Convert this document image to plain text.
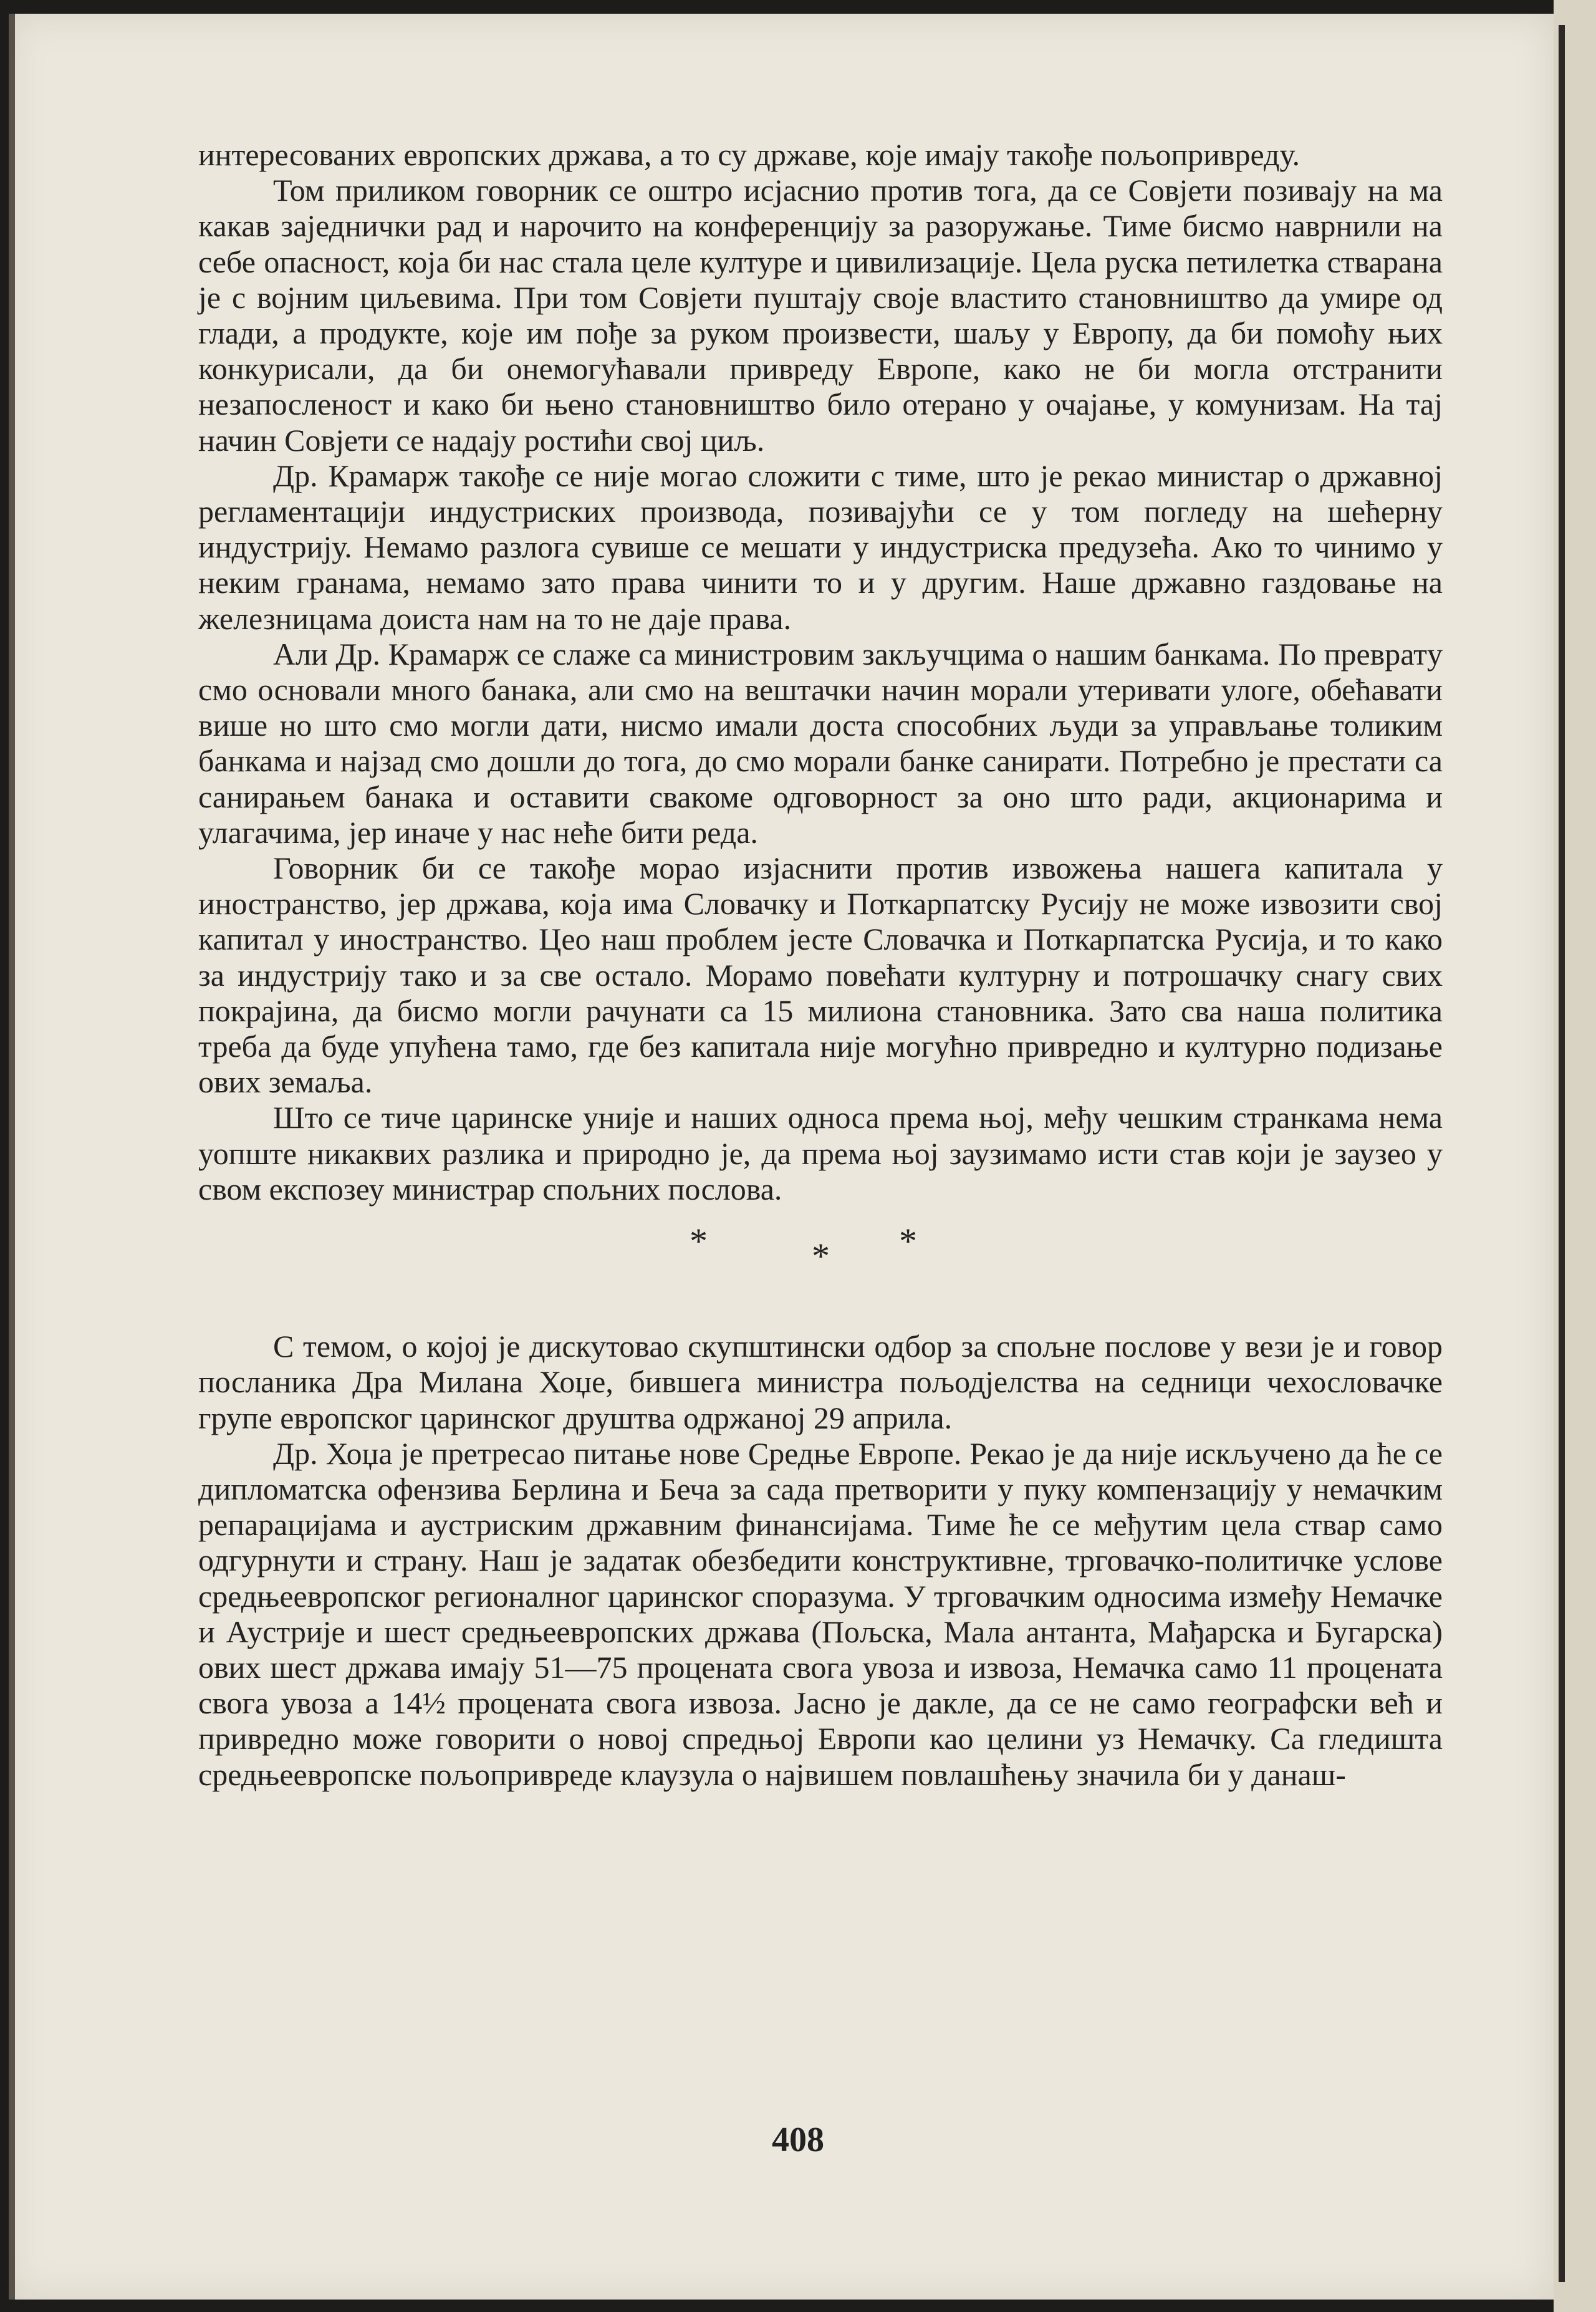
интересованих европских држава, а то су државе, које имају такође пољопривреду.

Том приликом говорник се оштро исјаснио против тога, да се Совјети позивају на ма какав заједнички рад и нарочито на конференцију за разоружање. Тиме бисмо наврнили на себе опасност, која би нас стала целе културе и цивилизације. Цела руска петилетка стварана је с војним циљевима. При том Совјети пуштају своје властито становништво да умире од глади, а продукте, које им пође за руком произвести, шаљу у Европу, да би помоћу њих конкурисали, да би онемогућавали привреду Европе, како не би могла отстранити незапосленост и како би њено становништво било отерано у очајање, у комунизам. На тај начин Совјети се надају ростићи свој циљ.

Др. Крамарж такође се није могао сложити с тиме, што је рекао министар о државној регламентацији индустриских производа, позивајући се у том погледу на шећерну индустрију. Немамо разлога сувише се мешати у индустриска предузећа. Ако то чинимо у неким гранама, немамо зато права чинити то и у другим. Наше државно газдовање на железницама доиста нам на то не даје права.

Али Др. Крамарж се слаже са министровим закључцима о нашим банкама. По превратy смо основали много банака, али смо на вештачки начин морали утеривати улоге, обећавати више но што смо могли дати, нисмо имали доста способних људи за управљање толиким банкама и најзад смо дошли до тога, до смо морали банке санирати. Потребно је престати са санирањем банака и оставити свакоме одговорност за оно што ради, акционарима и улагачима, јер иначе у нас неће бити реда.

Говорник би се такође морао изјаснити против извожења нашега капитала у иностранство, јер држава, која има Словачку и Поткарпатску Русију не може извозити свој капитал у иностранство. Цео наш проблем јесте Словачка и Поткарпатска Русија, и то како за индустрију тако и за све остало. Морамо повећати културну и потрошачку снагу свих покрајина, да бисмо могли рачунати са 15 милиона становника. Зато сва наша политика треба да буде упућена тамо, где без капитала није могућно привредно и културно подизање ових земаља.

Што се тиче царинске уније и наших односа према њој, међу чешким странкама нема уопште никаквих разлика и природно је, да према њој заузимамо исти став који је заузео у свом експозеу министрар спољних послова.

*	* *

С темом, о којој је дискутовао скупштински одбор за спољне послове у вези је и говор посланика Дра Милана Хоџе, бившега министра пољодјелства на седници чехословачке групе европског царинског друштва одржаној 29 априла.

Др. Хоџа је претресао питање нове Средње Европе. Рекао је да није искључено да ће се дипломатска офензива Берлина и Беча за сада претворити у пуку компензацију у немачким репарацијама и аустриским државним финансијама. Тиме ће се међутим цела ствар само одгурнути и страну. Наш је задатак обезбедити конструктивне, трговачко-политичке услове средњеевропског регионалног царинског споразума. У трговачким односима између Немачке и Аустрије и шест средњеевропских држава (Пољска, Мала антанта, Мађарска и Бугарска) ових шест држава имају 51—75 процената свога увоза и извоза, Немачка само 11 процената свога увоза а 14½ процената свога извоза. Јасно је дакле, да се не само географски већ и привредно може говорити о новој спредњој Европи као целини уз Немачку. Са гледишта средњеевропске пољопривреде клаузула о највишем повлашћењу значила би у данаш-

408
